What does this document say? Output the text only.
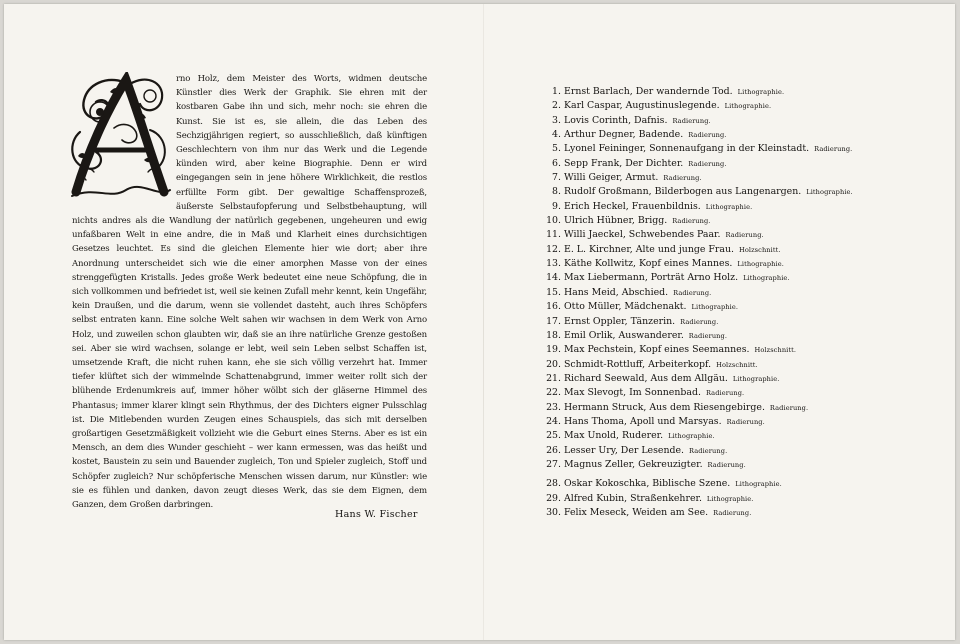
rno Holz, dem Meister des Worts, widmen deutsche Künstler dies Werk der Graphik. Sie ehren mit der kostbaren Gabe ihn und sich, mehr noch: sie ehren die Kunst. Sie ist es, sie allein, die das Leben des Sechzigjährigen regiert, so ausschließlich, daß künftigen Geschlechtern von ihm nur das Werk und die Legende künden wird, aber keine Biographie. Denn er wird eingegangen sein in jene höhere Wirklichkeit, die restlos erfüllte Form gibt. Der gewaltige Schaffensprozeß, äußerste Selbstaufopferung und Selbstbehauptung, will nichts andres als die Wandlung der natürlich gegebenen, ungeheuren und ewig unfaßbaren Welt in eine andre, die in Maß und Klarheit eines durchsichtigen Gesetzes leuchtet. Es sind die gleichen Elemente hier wie dort; aber ihre Anordnung unterscheidet sich wie die einer amorphen Masse von der eines strenggefügten Kristalls. Jedes große Werk bedeutet eine neue Schöpfung, die in sich vollkommen und befriedet ist, weil sie keinen Zufall mehr kennt, kein Ungefähr, kein Draußen, und die darum, wenn sie vollendet dasteht, auch ihres Schöpfers selbst entraten kann. Eine solche Welt sahen wir wachsen in dem Werk von Arno Holz, und zuweilen schon glaubten wir, daß sie an ihre natürliche Grenze gestoßen sei. Aber sie wird wachsen, solange er lebt, weil sein Leben selbst Schaffen ist, umsetzende Kraft, die nicht ruhen kann, ehe sie sich völlig verzehrt hat. Immer tiefer klüftet sich der wimmelnde Schattenabgrund, immer weiter rollt sich der blühende Erdenumkreis auf, immer höher wölbt sich der gläserne Himmel des Phantasus; immer klarer klingt sein Rhythmus, der des Dichters eigner Pulsschlag ist. Die Mitlebenden wurden Zeugen eines Schauspiels, das sich mit derselben großartigen Gesetzmäßigkeit vollzieht wie die Geburt eines Sterns. Aber es ist ein Mensch, an dem dies Wunder geschieht – wer kann ermessen, was das heißt und kostet, Baustein zu sein und Bauender zugleich, Ton und Spieler zugleich, Stoff und Schöpfer zugleich? Nur schöpferische Menschen wissen darum, nur Künstler: wie sie es fühlen und danken, davon zeugt dieses Werk, das sie dem Eignen, dem Ganzen, dem Großen darbringen.

Hans W. Fischer
1. Ernst Barlach, Der wandernde Tod. Lithographie.
2. Karl Caspar, Augustinuslegende. Lithographie.
3. Lovis Corinth, Dafnis. Radierung.
4. Arthur Degner, Badende. Radierung.
5. Lyonel Feininger, Sonnenaufgang in der Kleinstadt. Radierung.
6. Sepp Frank, Der Dichter. Radierung.
7. Willi Geiger, Armut. Radierung.
8. Rudolf Großmann, Bilderbogen aus Langenargen. Lithographie.
9. Erich Heckel, Frauenbildnis. Lithographie.
10. Ulrich Hübner, Brigg. Radierung.
11. Willi Jaeckel, Schwebendes Paar. Radierung.
12. E. L. Kirchner, Alte und junge Frau. Holzschnitt.
13. Käthe Kollwitz, Kopf eines Mannes. Lithographie.
14. Max Liebermann, Porträt Arno Holz. Lithographie.
15. Hans Meid, Abschied. Radierung.
16. Otto Müller, Mädchenakt. Lithographie.
17. Ernst Oppler, Tänzerin. Radierung.
18. Emil Orlik, Auswanderer. Radierung.
19. Max Pechstein, Kopf eines Seemannes. Holzschnitt.
20. Schmidt-Rottluff, Arbeiterkopf. Holzschnitt.
21. Richard Seewald, Aus dem Allgäu. Lithographie.
22. Max Slevogt, Im Sonnenbad. Radierung.
23. Hermann Struck, Aus dem Riesengebirge. Radierung.
24. Hans Thoma, Apoll und Marsyas. Radierung.
25. Max Unold, Ruderer. Lithographie.
26. Lesser Ury, Der Lesende. Radierung.
27. Magnus Zeller, Gekreuzigter. Radierung.
28. Oskar Kokoschka, Biblische Szene. Lithographie.
29. Alfred Kubin, Straßenkehrer. Lithographie.
30. Felix Meseck, Weiden am See. Radierung.
